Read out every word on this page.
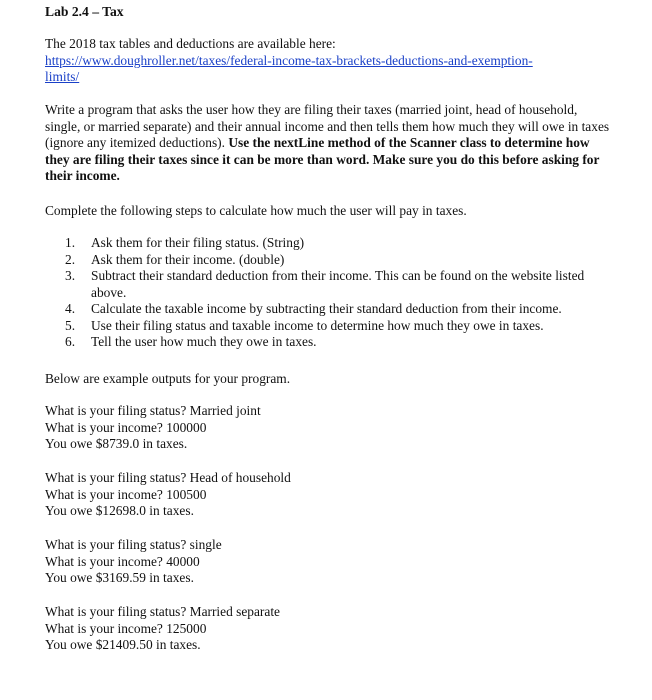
Lab 2.4 – Tax
The 2018 tax tables and deductions are available here:
https://www.doughroller.net/taxes/federal-income-tax-brackets-deductions-and-exemption-
limits/
Write a program that asks the user how they are filing their taxes (married joint, head of household, single, or married separate) and their annual income and then tells them how much they will owe in taxes (ignore any itemized deductions). Use the nextLine method of the Scanner class to determine how they are filing their taxes since it can be more than word. Make sure you do this before asking for their income.
Complete the following steps to calculate how much the user will pay in taxes.
1. Ask them for their filing status. (String)
2. Ask them for their income. (double)
3. Subtract their standard deduction from their income. This can be found on the website listed above.
4. Calculate the taxable income by subtracting their standard deduction from their income.
5. Use their filing status and taxable income to determine how much they owe in taxes.
6. Tell the user how much they owe in taxes.
Below are example outputs for your program.
What is your filing status? Married joint
What is your income? 100000
You owe $8739.0 in taxes.
What is your filing status? Head of household
What is your income? 100500
You owe $12698.0 in taxes.
What is your filing status? single
What is your income? 40000
You owe $3169.59 in taxes.
What is your filing status? Married separate
What is your income? 125000
You owe $21409.50 in taxes.
